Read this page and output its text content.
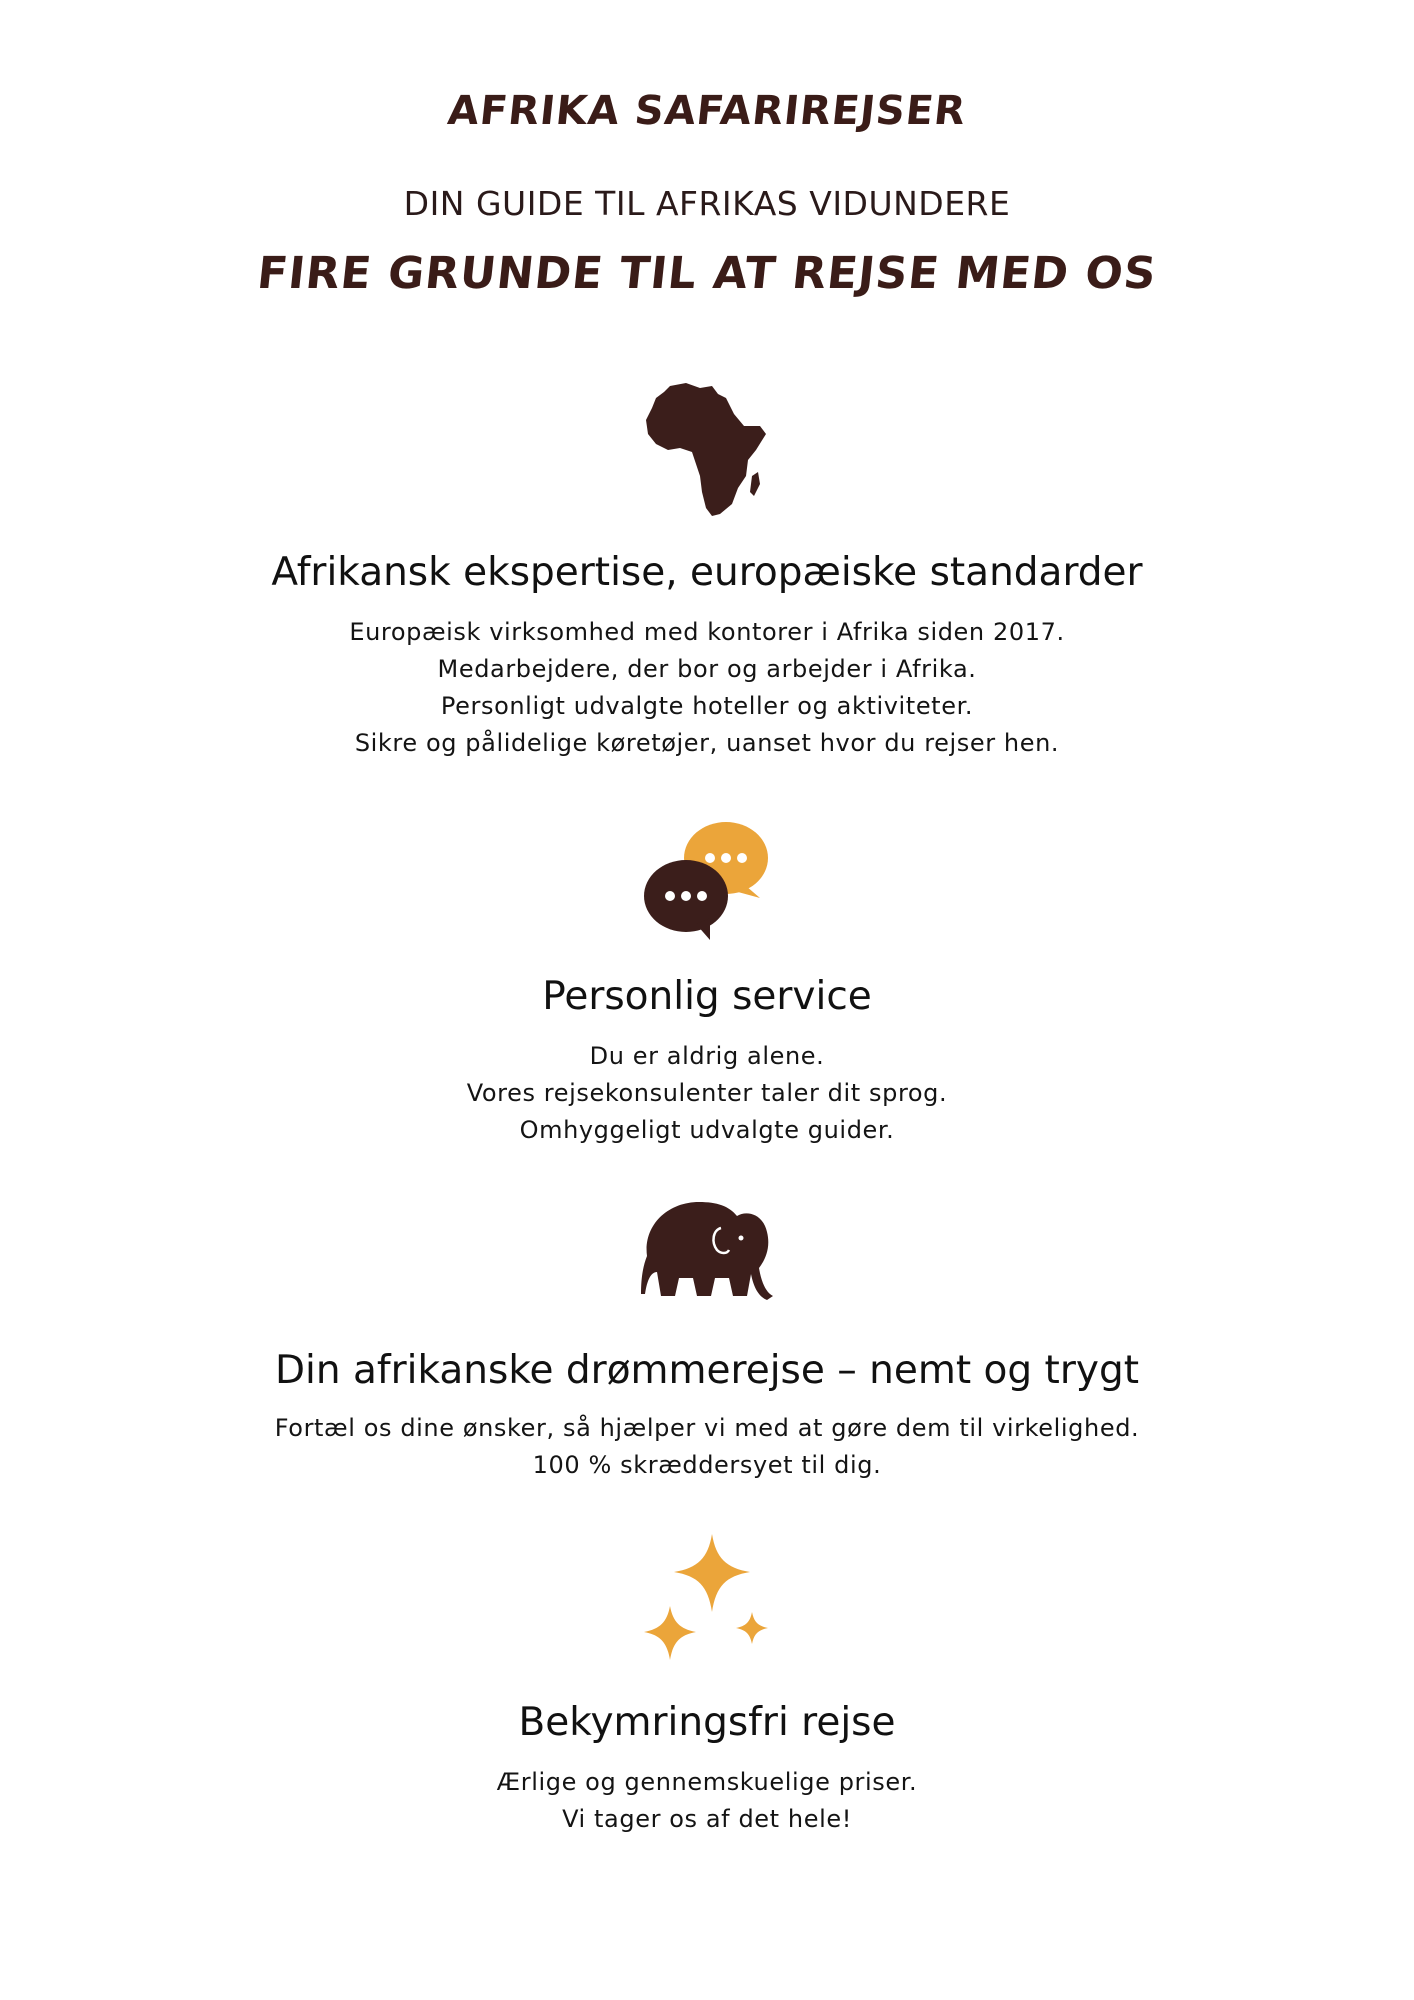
AFRIKA SAFARIREJSER
DIN GUIDE TIL AFRIKAS VIDUNDERE
FIRE GRUNDE TIL AT REJSE MED OS
Afrikansk ekspertise, europæiske standarder
Europæisk virksomhed med kontorer i Afrika siden 2017.
Medarbejdere, der bor og arbejder i Afrika.
Personligt udvalgte hoteller og aktiviteter.
Sikre og pålidelige køretøjer, uanset hvor du rejser hen.
Personlig service
Du er aldrig alene.
Vores rejsekonsulenter taler dit sprog.
Omhyggeligt udvalgte guider.
Din afrikanske drømmerejse – nemt og trygt
Fortæl os dine ønsker, så hjælper vi med at gøre dem til virkelighed.
100 % skræddersyet til dig.
Bekymringsfri rejse
Ærlige og gennemskuelige priser.
Vi tager os af det hele!
